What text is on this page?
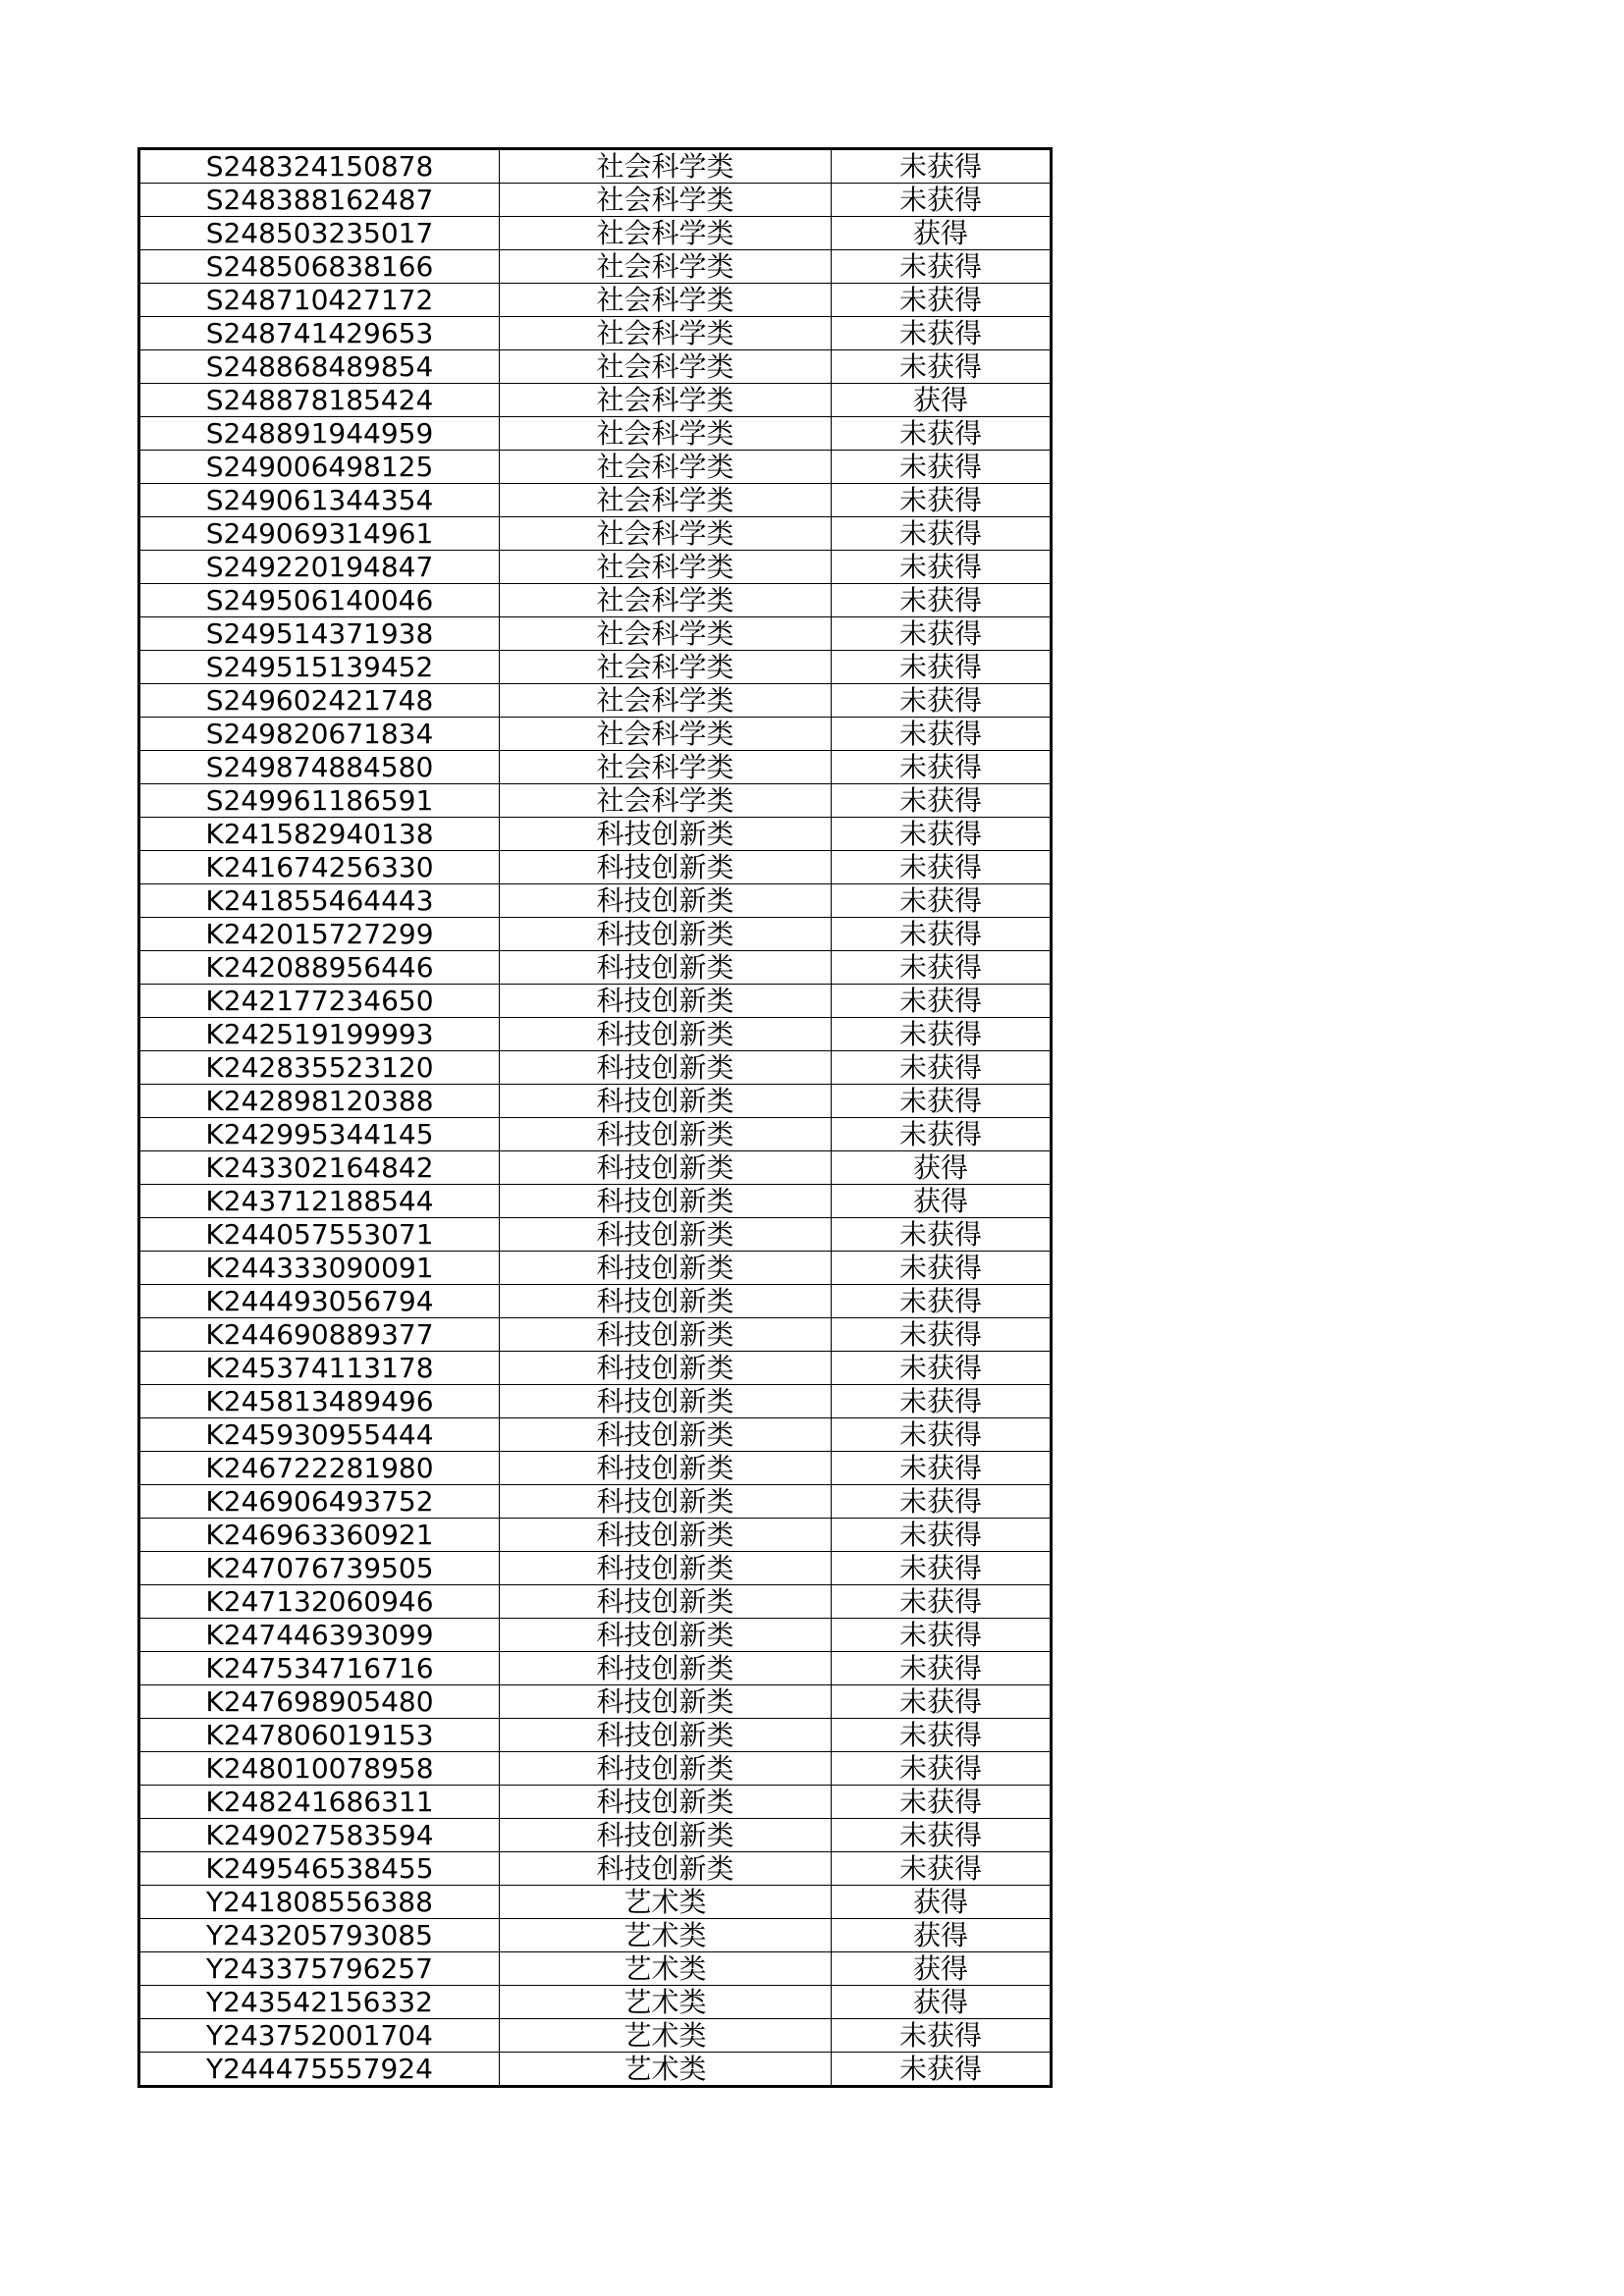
S248324150878	社会科学类	未获得
S248388162487	社会科学类	未获得
S248503235017	社会科学类	获得
S248506838166	社会科学类	未获得
S248710427172	社会科学类	未获得
S248741429653	社会科学类	未获得
S248868489854	社会科学类	未获得
S248878185424	社会科学类	获得
S248891944959	社会科学类	未获得
S249006498125	社会科学类	未获得
S249061344354	社会科学类	未获得
S249069314961	社会科学类	未获得
S249220194847	社会科学类	未获得
S249506140046	社会科学类	未获得
S249514371938	社会科学类	未获得
S249515139452	社会科学类	未获得
S249602421748	社会科学类	未获得
S249820671834	社会科学类	未获得
S249874884580	社会科学类	未获得
S249961186591	社会科学类	未获得
K241582940138	科技创新类	未获得
K241674256330	科技创新类	未获得
K241855464443	科技创新类	未获得
K242015727299	科技创新类	未获得
K242088956446	科技创新类	未获得
K242177234650	科技创新类	未获得
K242519199993	科技创新类	未获得
K242835523120	科技创新类	未获得
K242898120388	科技创新类	未获得
K242995344145	科技创新类	未获得
K243302164842	科技创新类	获得
K243712188544	科技创新类	获得
K244057553071	科技创新类	未获得
K244333090091	科技创新类	未获得
K244493056794	科技创新类	未获得
K244690889377	科技创新类	未获得
K245374113178	科技创新类	未获得
K245813489496	科技创新类	未获得
K245930955444	科技创新类	未获得
K246722281980	科技创新类	未获得
K246906493752	科技创新类	未获得
K246963360921	科技创新类	未获得
K247076739505	科技创新类	未获得
K247132060946	科技创新类	未获得
K247446393099	科技创新类	未获得
K247534716716	科技创新类	未获得
K247698905480	科技创新类	未获得
K247806019153	科技创新类	未获得
K248010078958	科技创新类	未获得
K248241686311	科技创新类	未获得
K249027583594	科技创新类	未获得
K249546538455	科技创新类	未获得
Y241808556388	艺术类	获得
Y243205793085	艺术类	获得
Y243375796257	艺术类	获得
Y243542156332	艺术类	获得
Y243752001704	艺术类	未获得
Y244475557924	艺术类	未获得
